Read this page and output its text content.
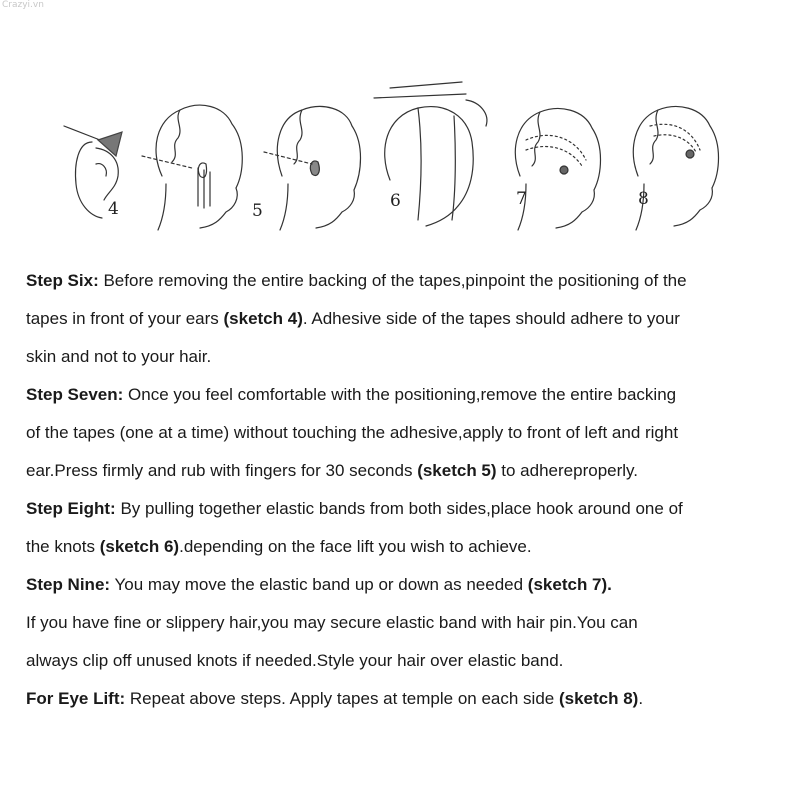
Crazyi.vn
4	5	6	7	8
Step Six: Before removing the entire backing of the tapes,pinpoint the positioning of the
tapes in front of your ears (sketch 4). Adhesive side of the tapes should adhere to your
skin and not to your hair.
Step Seven: Once you feel comfortable with the positioning,remove the entire backing
of the tapes (one at a time) without touching the adhesive,apply to front of left and right
ear.Press firmly and rub with fingers for 30 seconds (sketch 5) to adhereproperly.
Step Eight: By pulling together elastic bands from both sides,place hook around one of
the knots (sketch 6).depending on the face lift you wish to achieve.
Step Nine: You may move the elastic band up or down as needed (sketch 7).
If you have fine or slippery hair,you may secure elastic band with hair pin.You can
always clip off unused knots if needed.Style your hair over elastic band.
For Eye Lift: Repeat above steps. Apply tapes at temple on each side (sketch 8).
